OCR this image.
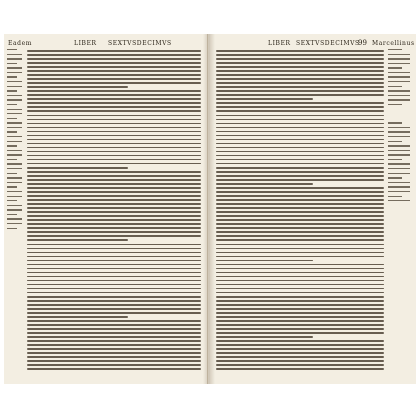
Eadem	LIBER SEXTVSDECIMVS	LIBER SEXTVSDECIMVS
99 Marcellinus
